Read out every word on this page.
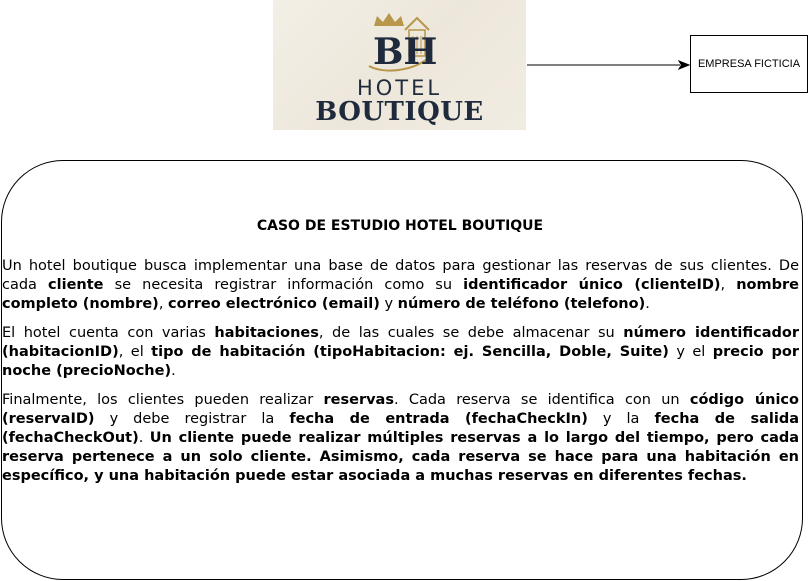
BH
HOTEL
BOUTIQUE
EMPRESA FICTICIA
CASO DE ESTUDIO HOTEL BOUTIQUE

Un hotel boutique busca implementar una base de datos para gestionar las reservas de sus clientes. De cada cliente se necesita registrar información como su identificador único (clienteID), nombre completo (nombre), correo electrónico (email) y número de teléfono (telefono).

El hotel cuenta con varias habitaciones, de las cuales se debe almacenar su número identificador (habitacionID), el tipo de habitación (tipoHabitacion: ej. Sencilla, Doble, Suite) y el precio por noche (precioNoche).

Finalmente, los clientes pueden realizar reservas. Cada reserva se identifica con un código único (reservaID) y debe registrar la fecha de entrada (fechaCheckIn) y la fecha de salida (fechaCheckOut). Un cliente puede realizar múltiples reservas a lo largo del tiempo, pero cada reserva pertenece a un solo cliente. Asimismo, cada reserva se hace para una habitación en específico, y una habitación puede estar asociada a muchas reservas en diferentes fechas.
